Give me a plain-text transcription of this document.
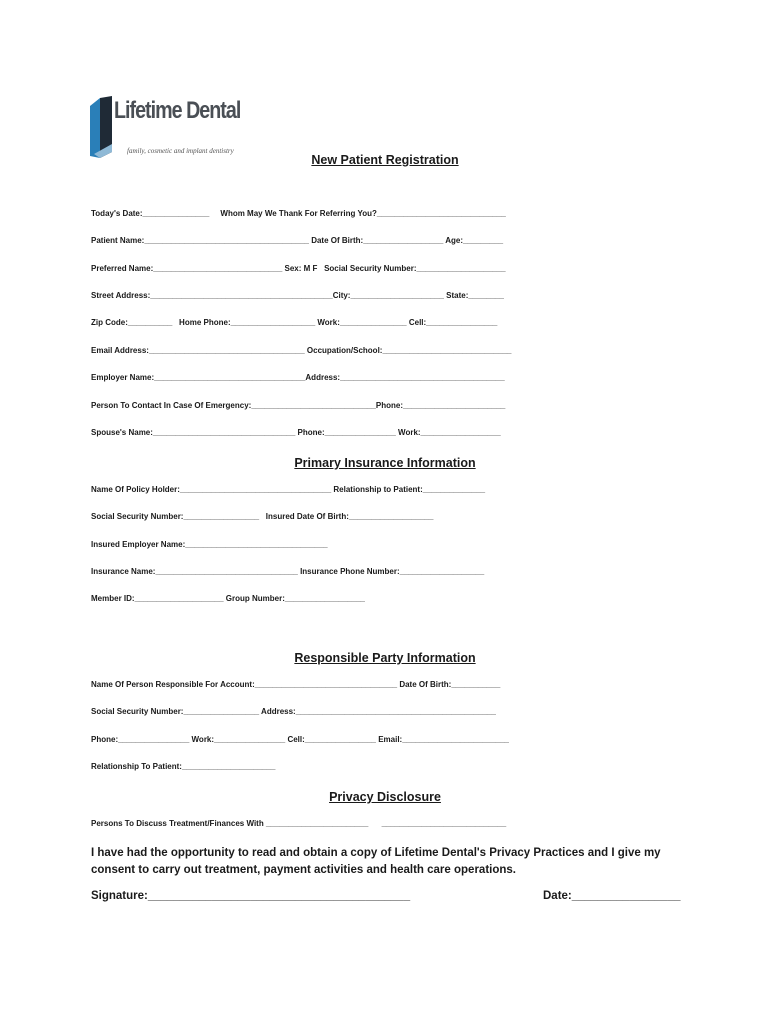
Lifetime Dental
family, cosmetic and implant dentistry
New Patient Registration
Today's Date:_______________     Whom May We Thank For Referring You?_____________________________
Patient Name:_____________________________________ Date Of Birth:__________________ Age:_________
Preferred Name:_____________________________ Sex: M F   Social Security Number:____________________
Street Address:_________________________________________City:_____________________ State:________
Zip Code:__________   Home Phone:___________________ Work:_______________ Cell:________________
Email Address:___________________________________ Occupation/School:_____________________________
Employer Name:__________________________________Address:_____________________________________
Person To Contact In Case Of Emergency:____________________________Phone:_______________________
Spouse's Name:________________________________ Phone:________________ Work:__________________
Primary Insurance Information
Name Of Policy Holder:__________________________________ Relationship to Patient:______________
Social Security Number:_________________   Insured Date Of Birth:___________________
Insured Employer Name:________________________________
Insurance Name:________________________________ Insurance Phone Number:___________________
Member ID:____________________ Group Number:__________________
Responsible Party Information
Name Of Person Responsible For Account:________________________________ Date Of Birth:___________
Social Security Number:_________________ Address:_____________________________________________
Phone:________________ Work:________________ Cell:________________ Email:________________________
Relationship To Patient:_____________________
Privacy Disclosure
Persons To Discuss Treatment/Finances With _______________________      ____________________________
I have had the opportunity to read and obtain a copy of Lifetime Dental's Privacy Practices and I give my consent to carry out treatment, payment activities and health care operations.
Signature:_________________________________________	Date:_________________
